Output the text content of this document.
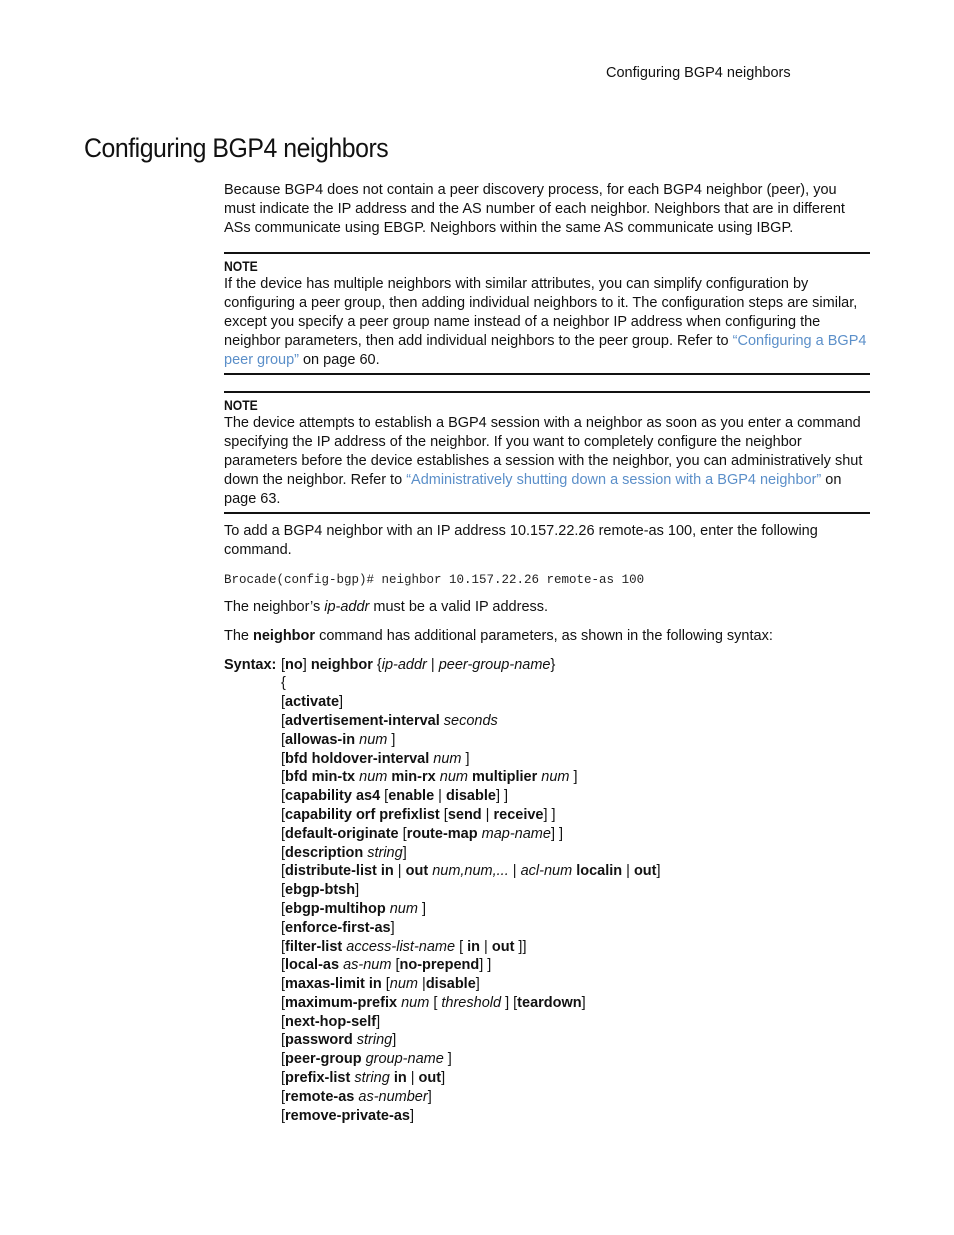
Configuring BGP4 neighbors
Configuring BGP4 neighbors

Because BGP4 does not contain a peer discovery process, for each BGP4 neighbor (peer), you must indicate the IP address and the AS number of each neighbor. Neighbors that are in different ASs communicate using EBGP. Neighbors within the same AS communicate using IBGP.

NOTE

If the device has multiple neighbors with similar attributes, you can simplify configuration by configuring a peer group, then adding individual neighbors to it. The configuration steps are similar, except you specify a peer group name instead of a neighbor IP address when configuring the neighbor parameters, then add individual neighbors to the peer group. Refer to “Configuring a BGP4 peer group” on page 60.

NOTE

The device attempts to establish a BGP4 session with a neighbor as soon as you enter a command specifying the IP address of the neighbor. If you want to completely configure the neighbor parameters before the device establishes a session with the neighbor, you can administratively shut down the neighbor. Refer to “Administratively shutting down a session with a BGP4 neighbor” on page 63.

To add a BGP4 neighbor with an IP address 10.157.22.26 remote-as 100, enter the following command.

Brocade(config-bgp)# neighbor 10.157.22.26 remote-as 100

The neighbor’s ip-addr must be a valid IP address.

The neighbor command has additional parameters, as shown in the following syntax:

Syntax: [no] neighbor {ip-addr | peer-group-name}
{
[activate]
[advertisement-interval seconds
[allowas-in num ]
[bfd holdover-interval num ]
[bfd min-tx num min-rx num multiplier num ]
[capability as4 [enable | disable] ]
[capability orf prefixlist [send | receive] ]
[default-originate [route-map map-name] ]
[description string]
[distribute-list in | out num,num,... | acl-num localin | out]
[ebgp-btsh]
[ebgp-multihop num ]
[enforce-first-as]
[filter-list access-list-name [ in | out ]]
[local-as as-num [no-prepend] ]
[maxas-limit in [num |disable]
[maximum-prefix num [ threshold ] [teardown]
[next-hop-self]
[password string]
[peer-group group-name ]
[prefix-list string in | out]
[remote-as as-number]
[remove-private-as]
